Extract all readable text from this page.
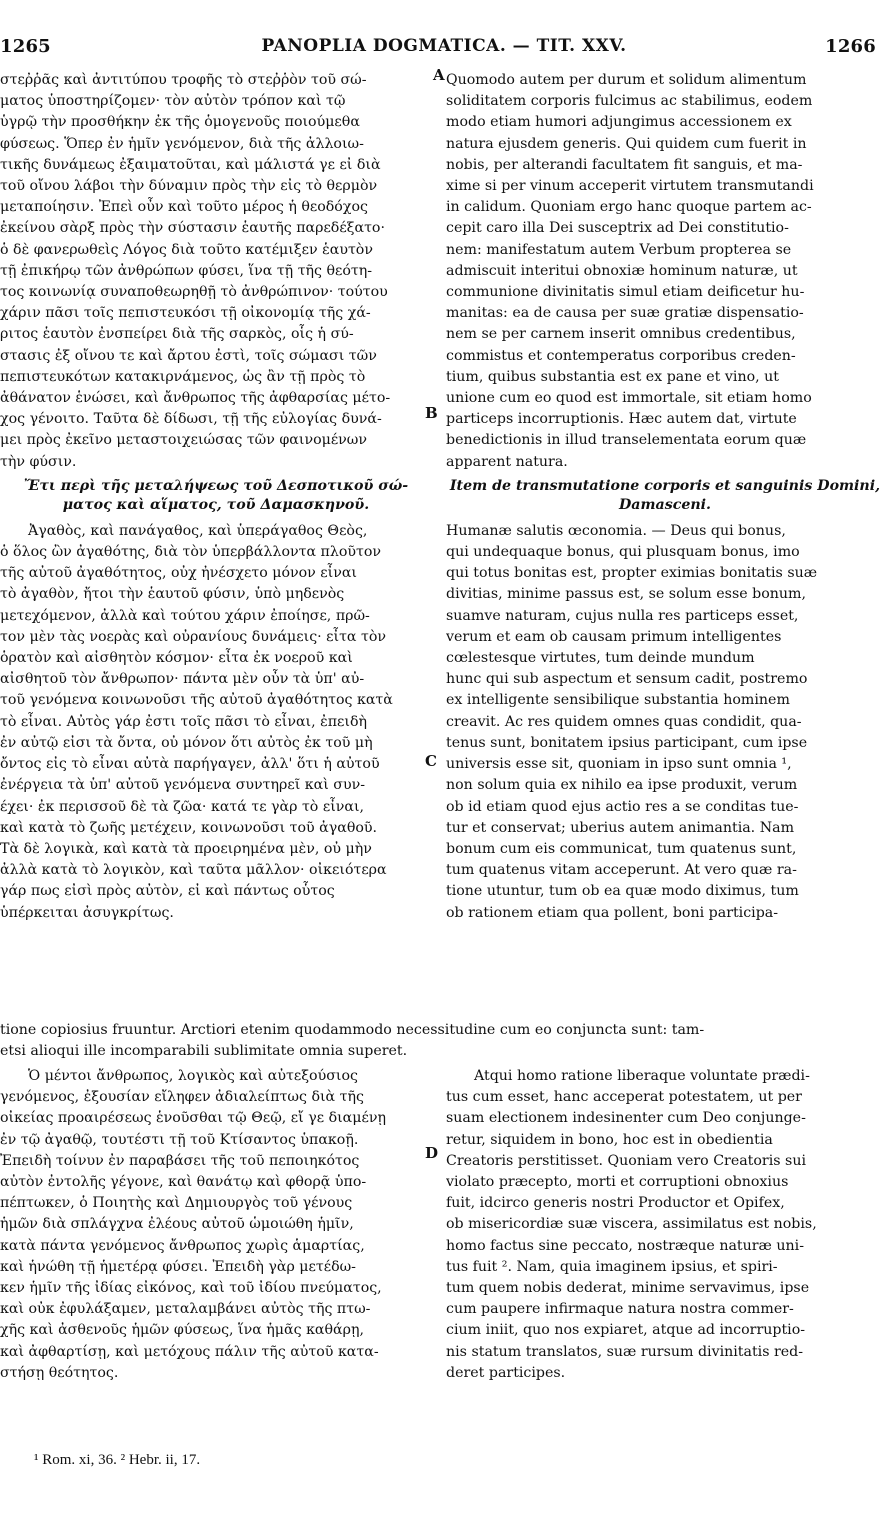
1265	PANOPLIA DOGMATICA. — TIT. XXV.	1266
A
B
C
D
στεῤῥᾶς καὶ ἀντιτύπου τροφῆς τὸ στεῤῥὸν τοῦ σώ-
ματος ὑποστηρίζομεν· τὸν αὐτὸν τρόπον καὶ τῷ
ὑγρῷ τὴν προσθήκην ἐκ τῆς ὁμογενοῦς ποιούμεθα
φύσεως. Ὅπερ ἐν ἡμῖν γενόμενον, διὰ τῆς ἀλλοιω-
τικῆς δυνάμεως ἐξαιματοῦται, καὶ μάλιστά γε εἰ διὰ
τοῦ οἴνου λάβοι τὴν δύναμιν πρὸς τὴν εἰς τὸ θερμὸν
μεταποίησιν. Ἐπεὶ οὖν καὶ τοῦτο μέρος ἡ θεοδόχος
ἐκείνου σὰρξ πρὸς τὴν σύστασιν ἑαυτῆς παρεδέξατο·
ὁ δὲ φανερωθεὶς Λόγος διὰ τοῦτο κατέμιξεν ἑαυτὸν
τῇ ἐπικήρῳ τῶν ἀνθρώπων φύσει, ἵνα τῇ τῆς θεότη-
τος κοινωνίᾳ συναποθεωρηθῇ τὸ ἀνθρώπινον· τούτου
χάριν πᾶσι τοῖς πεπιστευκόσι τῇ οἰκονομίᾳ τῆς χά-
ριτος ἑαυτὸν ἐνσπείρει διὰ τῆς σαρκὸς, οἷς ἡ σύ-
στασις ἐξ οἴνου τε καὶ ἄρτου ἐστὶ, τοῖς σώμασι τῶν
πεπιστευκότων κατακιρνάμενος, ὡς ἂν τῇ πρὸς τὸ
ἀθάνατον ἑνώσει, καὶ ἄνθρωπος τῆς ἀφθαρσίας μέτο-
χος γένοιτο. Ταῦτα δὲ δίδωσι, τῇ τῆς εὐλογίας δυνά-
μει πρὸς ἐκεῖνο μεταστοιχειώσας τῶν φαινομένων
τὴν φύσιν.
Ἔτι περὶ τῆς μεταλήψεως τοῦ Δεσποτικοῦ σώ-
ματος καὶ αἵματος, τοῦ Δαμασκηνοῦ.
Ἀγαθὸς, καὶ πανάγαθος, καὶ ὑπεράγαθος Θεὸς,
ὁ ὅλος ὢν ἀγαθότης, διὰ τὸν ὑπερβάλλοντα πλοῦτον
τῆς αὐτοῦ ἀγαθότητος, οὐχ ἠνέσχετο μόνον εἶναι
τὸ ἀγαθὸν, ἤτοι τὴν ἑαυτοῦ φύσιν, ὑπὸ μηδενὸς
μετεχόμενον, ἀλλὰ καὶ τούτου χάριν ἐποίησε, πρῶ-
τον μὲν τὰς νοερὰς καὶ οὐρανίους δυνάμεις· εἶτα τὸν
ὁρατὸν καὶ αἰσθητὸν κόσμον· εἶτα ἐκ νοεροῦ καὶ
αἰσθητοῦ τὸν ἄνθρωπον· πάντα μὲν οὖν τὰ ὑπ' αὐ-
τοῦ γενόμενα κοινωνοῦσι τῆς αὐτοῦ ἀγαθότητος κατὰ
τὸ εἶναι. Αὐτὸς γάρ ἐστι τοῖς πᾶσι τὸ εἶναι, ἐπειδὴ
ἐν αὐτῷ εἰσι τὰ ὄντα, οὐ μόνον ὅτι αὐτὸς ἐκ τοῦ μὴ
ὄντος εἰς τὸ εἶναι αὐτὰ παρήγαγεν, ἀλλ' ὅτι ἡ αὐτοῦ
ἐνέργεια τὰ ὑπ' αὐτοῦ γενόμενα συντηρεῖ καὶ συν-
έχει· ἐκ περισσοῦ δὲ τὰ ζῶα· κατά τε γὰρ τὸ εἶναι,
καὶ κατὰ τὸ ζωῆς μετέχειν, κοινωνοῦσι τοῦ ἀγαθοῦ.
Τὰ δὲ λογικὰ, καὶ κατὰ τὰ προειρημένα μὲν, οὐ μὴν
ἀλλὰ κατὰ τὸ λογικὸν, καὶ ταῦτα μᾶλλον· οἰκειότερα
γάρ πως εἰσὶ πρὸς αὐτὸν, εἰ καὶ πάντως οὗτος
ὑπέρκειται ἀσυγκρίτως.
Quomodo autem per durum et solidum alimentum
soliditatem corporis fulcimus ac stabilimus, eodem
modo etiam humori adjungimus accessionem ex
natura ejusdem generis. Qui quidem cum fuerit in
nobis, per alterandi facultatem fit sanguis, et ma-
xime si per vinum acceperit virtutem transmutandi
in calidum. Quoniam ergo hanc quoque partem ac-
cepit caro illa Dei susceptrix ad Dei constitutio-
nem: manifestatum autem Verbum propterea se
admiscuit interitui obnoxiæ hominum naturæ, ut
communione divinitatis simul etiam deificetur hu-
manitas: ea de causa per suæ gratiæ dispensatio-
nem se per carnem inserit omnibus credentibus,
commistus et contemperatus corporibus creden-
tium, quibus substantia est ex pane et vino, ut
unione cum eo quod est immortale, sit etiam homo
particeps incorruptionis. Hæc autem dat, virtute
benedictionis in illud transelementata eorum quæ
apparent natura.
Item de transmutatione corporis et sanguinis Domini,
Damasceni.
Humanæ salutis œconomia. — Deus qui bonus,
qui undequaque bonus, qui plusquam bonus, imo
qui totus bonitas est, propter eximias bonitatis suæ
divitias, minime passus est, se solum esse bonum,
suamve naturam, cujus nulla res particeps esset,
verum et eam ob causam primum intelligentes
cœlestesque virtutes, tum deinde mundum
hunc qui sub aspectum et sensum cadit, postremo
ex intelligente sensibilique substantia hominem
creavit. Ac res quidem omnes quas condidit, qua-
tenus sunt, bonitatem ipsius participant, cum ipse
universis esse sit, quoniam in ipso sunt omnia ¹,
non solum quia ex nihilo ea ipse produxit, verum
ob id etiam quod ejus actio res a se conditas tue-
tur et conservat; uberius autem animantia. Nam
bonum cum eis communicat, tum quatenus sunt,
tum quatenus vitam acceperunt. At vero quæ ra-
tione utuntur, tum ob ea quæ modo diximus, tum
ob rationem etiam qua pollent, boni participa-
tione copiosius fruuntur. Arctiori etenim quodammodo necessitudine cum eo conjuncta sunt: tam-
etsi alioqui ille incomparabili sublimitate omnia superet.
Ὁ μέντοι ἄνθρωπος, λογικὸς καὶ αὐτεξούσιος
γενόμενος, ἐξουσίαν εἴληφεν ἀδιαλείπτως διὰ τῆς
οἰκείας προαιρέσεως ἑνοῦσθαι τῷ Θεῷ, εἴ γε διαμένῃ
ἐν τῷ ἀγαθῷ, τουτέστι τῇ τοῦ Κτίσαντος ὑπακοῇ.
Ἐπειδὴ τοίνυν ἐν παραβάσει τῆς τοῦ πεποιηκότος
αὐτὸν ἐντολῆς γέγονε, καὶ θανάτῳ καὶ φθορᾷ ὑπο-
πέπτωκεν, ὁ Ποιητὴς καὶ Δημιουργὸς τοῦ γένους
ἡμῶν διὰ σπλάγχνα ἐλέους αὐτοῦ ὡμοιώθη ἡμῖν,
κατὰ πάντα γενόμενος ἄνθρωπος χωρὶς ἁμαρτίας,
καὶ ἡνώθη τῇ ἡμετέρᾳ φύσει. Ἐπειδὴ γὰρ μετέδω-
κεν ἡμῖν τῆς ἰδίας εἰκόνος, καὶ τοῦ ἰδίου πνεύματος,
καὶ οὐκ ἐφυλάξαμεν, μεταλαμβάνει αὐτὸς τῆς πτω-
χῆς καὶ ἀσθενοῦς ἡμῶν φύσεως, ἵνα ἡμᾶς καθάρῃ,
καὶ ἀφθαρτίσῃ, καὶ μετόχους πάλιν τῆς αὐτοῦ κατα-
στήσῃ θεότητος.
Atqui homo ratione liberaque voluntate prædi-
tus cum esset, hanc acceperat potestatem, ut per
suam electionem indesinenter cum Deo conjunge-
retur, siquidem in bono, hoc est in obedientia
Creatoris perstitisset. Quoniam vero Creatoris sui
violato præcepto, morti et corruptioni obnoxius
fuit, idcirco generis nostri Productor et Opifex,
ob misericordiæ suæ viscera, assimilatus est nobis,
homo factus sine peccato, nostræque naturæ uni-
tus fuit ². Nam, quia imaginem ipsius, et spiri-
tum quem nobis dederat, minime servavimus, ipse
cum paupere infirmaque natura nostra commer-
cium iniit, quo nos expiaret, atque ad incorruptio-
nis statum translatos, suæ rursum divinitatis red-
deret participes.
¹ Rom. xi, 36. ² Hebr. ii, 17.
